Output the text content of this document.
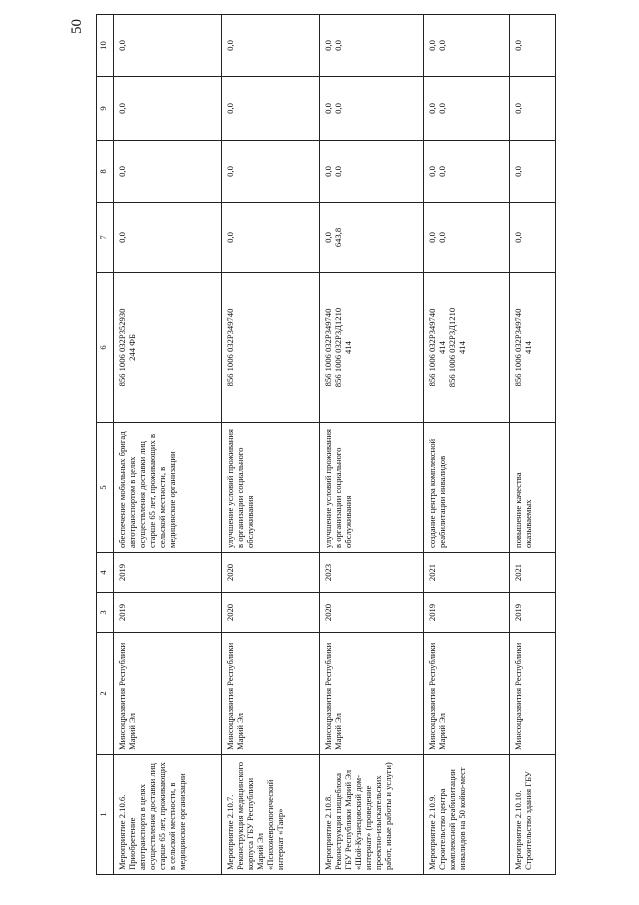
50
1	2	3	4	5	6	7	8	9	10
Мероприятие 2.10.6. Приобретение автотранспорта в целях осуществления доставки лиц старше 65 лет, проживающих в сельской местности, в медицинские организации	Минсоцразвития Республики Марий Эл	2019	2019	обеспечение мобильных бригад автотранспортом в целях осуществления доставки лиц старше 65 лет, проживающих в сельской местности, в медицинские организации	856 1006 032P352930 244 ФБ	0,0	0,0	0,0	0,0

Мероприятие 2.10.7. Реконструкция медицинского корпуса ГБУ Республики Марий Эл «Психоневрологический интернат «Таир»	Минсоцразвития Республики Марий Эл	2020	2020	улучшение условий проживания в организации социального обслуживания	856 1006 032P349740	0,0	0,0	0,0	0,0

Мероприятие 2.10.8. Реконструкция пищеблока ГБУ Республики Марий Эл «Шой-Кузнецовский дом-интернат» (проведение проектно-изыскательских работ, иные работы и услуги)	Минсоцразвития Республики Марий Эл	2020	2023	улучшение условий проживания в организации социального обслуживания	856 1006 032P349740 856 1006 032P3Д1210 414	0,0 643,8	0,0 0,0	0,0 0,0	0,0 0,0

Мероприятие 2.10.9. Строительство центра комплексной реабилитации инвалидов на 50 койко-мест	Минсоцразвития Республики Марий Эл	2019	2021	создание центра комплексной реабилитации инвалидов	856 1006 032P349740 414 856 1006 032P3Д1210 414	0,0 0,0	0,0 0,0	0,0 0,0	0,0 0,0

Мероприятие 2.10.10. Строительство здания ГБУ	Минсоцразвития Республики	2019	2021	повышение качества оказываемых	856 1006 032P349740 414	0,0	0,0	0,0	0,0
